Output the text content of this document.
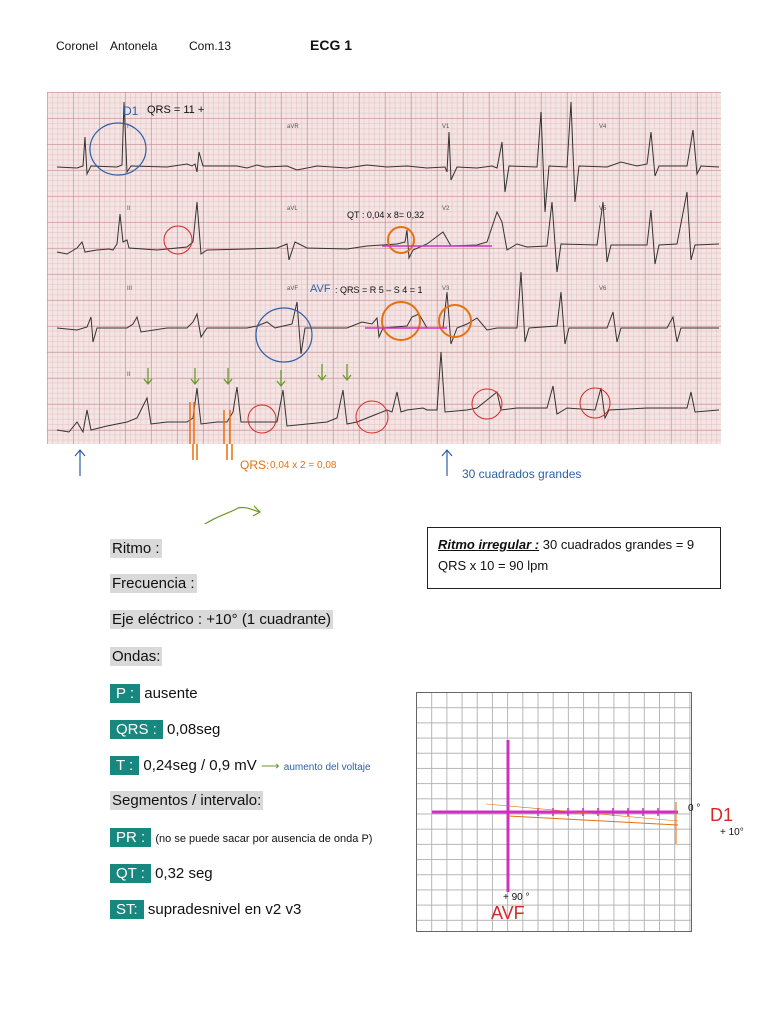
Coronel Antonela	Com.13	ECG 1
I	aVR	V1	V4
II	aVL	V2	V5
III	aVF	V3	V6
II
D1 QRS = 11 +
QT : 0,04 x 8= 0,32
AVF : QRS = R 5 – S 4 = 1
QRS: 0,04 x 2 = 0,08
30 cuadrados grandes
Ritmo :
Frecuencia :
Eje eléctrico : +10° (1 cuadrante)
Ondas:
P : ausente
QRS : 0,08seg
T : 0,24seg / 0,9 mV ⟶ aumento del voltaje
Segmentos / intervalo:
PR : (no se puede sacar por ausencia de onda P)
QT : 0,32 seg
ST: supradesnivel en v2 v3
Ritmo irregular : 30 cuadrados grandes = 9
QRS x 10 = 90 lpm
0 ° D1
+ 10°
+ 90 °
AVF
